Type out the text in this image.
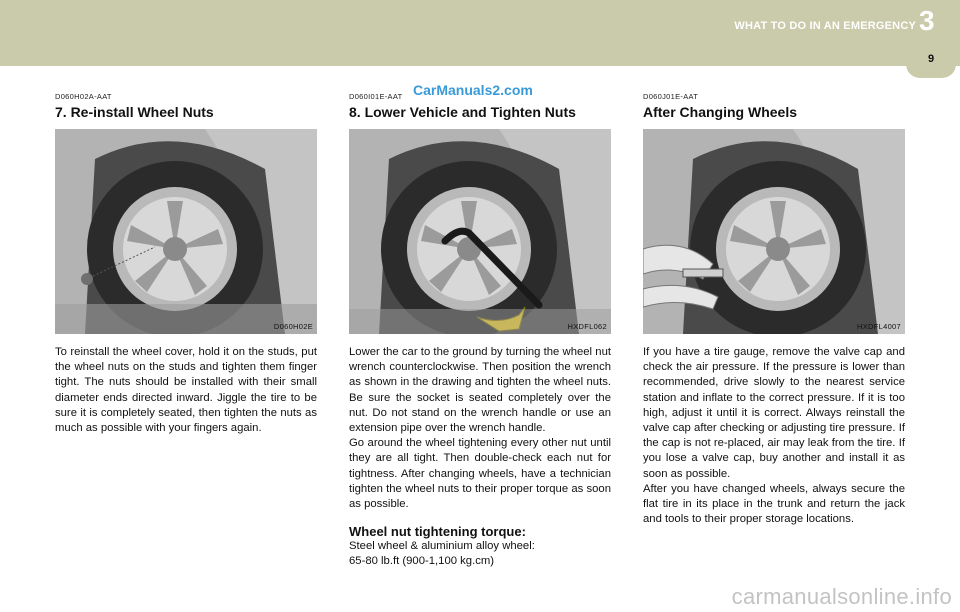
WHAT TO DO IN AN EMERGENCY 3
9
D060H02A-AAT
7. Re-install Wheel Nuts
D060H02E

To reinstall the wheel cover, hold it on the studs, put the wheel nuts on the studs and tighten them finger tight. The nuts should be installed with their small diameter ends directed inward. Jiggle the tire to be sure it is completely seated, then tighten the nuts as much as possible with your fingers again.

D060I01E-AAT
8. Lower Vehicle and Tighten Nuts
HXDFL062

Lower the car to the ground by turning the wheel nut wrench counterclockwise. Then position the wrench as shown in the drawing and tighten the wheel nuts. Be sure the socket is seated completely over the nut. Do not stand on the wrench handle or use an extension pipe over the wrench handle.

Go around the wheel tightening every other nut until they are all tight. Then double-check each nut for tightness. After changing wheels, have a technician tighten the wheel nuts to their proper torque as soon as possible.

Wheel nut tightening torque:
Steel wheel & aluminium alloy wheel:
65-80 lb.ft (900-1,100 kg.cm)
D060J01E-AAT
After Changing Wheels
HXDFL4007

If you have a tire gauge, remove the valve cap and check the air pressure. If the pressure is lower than recommended, drive slowly to the nearest service station and inflate to the correct pressure. If it is too high, adjust it until it is correct. Always reinstall the valve cap after checking or adjusting tire pressure. If the cap is not re-placed, air may leak from the tire. If you lose a valve cap, buy another and install it as soon as possible.

After you have changed wheels, always secure the flat tire in its place in the trunk and return the jack and tools to their proper storage locations.

CarManuals2.com
carmanualsonline.info
